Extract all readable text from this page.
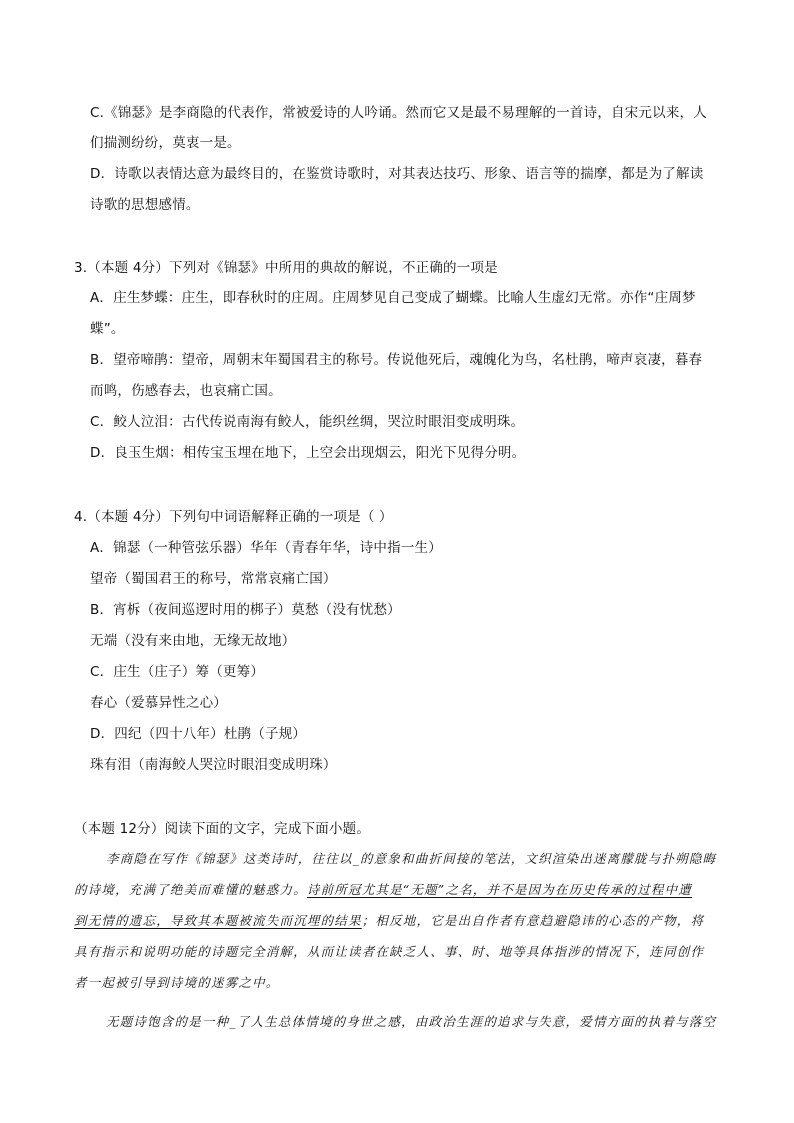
C.《锦瑟》是李商隐的代表作，常被爱诗的人吟诵。然而它又是最不易理解的一首诗，自宋元以来，人
们揣测纷纷，莫衷一是。
D．诗歌以表情达意为最终目的，在鉴赏诗歌时，对其表达技巧、形象、语言等的揣摩，都是为了解读
诗歌的思想感情。
3.（本题 4分）下列对《锦瑟》中所用的典故的解说，不正确的一项是
A．庄生梦蝶：庄生，即春秋时的庄周。庄周梦见自己变成了蝴蝶。比喻人生虚幻无常。亦作“庄周梦
蝶”。
B．望帝啼鹃：望帝，周朝末年蜀国君主的称号。传说他死后，魂魄化为鸟，名杜鹃，啼声哀凄，暮春
而鸣，伤感春去，也哀痛亡国。
C．鲛人泣泪：古代传说南海有鲛人，能织丝绸，哭泣时眼泪变成明珠。
D．良玉生烟：相传宝玉埋在地下，上空会出现烟云，阳光下见得分明。
4.（本题 4分）下列句中词语解释正确的一项是（ ）
A．锦瑟（一种管弦乐器）华年（青春年华，诗中指一生）
望帝（蜀国君王的称号，常常哀痛亡国）
B．宵柝（夜间巡逻时用的梆子）莫愁（没有忧愁）
无端（没有来由地，无缘无故地）
C．庄生（庄子）筹（更筹）
春心（爱慕异性之心）
D．四纪（四十八年）杜鹃（子规）
珠有泪（南海鲛人哭泣时眼泪变成明珠）
（本题 12分）阅读下面的文字，完成下面小题。
李商隐在写作《锦瑟》这类诗时，往往以_的意象和曲折间接的笔法，文织渲染出迷离朦胧与扑朔隐晦
的诗境，充满了绝美而难懂的魅惑力。诗前所冠尤其是“无题”之名，并不是因为在历史传承的过程中遭
到无情的遗忘，导致其本题被流失而沉埋的结果；相反地，它是出自作者有意趋避隐讳的心态的产物，将
具有指示和说明功能的诗题完全消解，从而让读者在缺乏人、事、时、地等具体指涉的情况下，连同创作
者一起被引导到诗境的迷雾之中。
无题诗饱含的是一种_了人生总体情境的身世之感，由政治生涯的追求与失意，爱情方面的执着与落空
